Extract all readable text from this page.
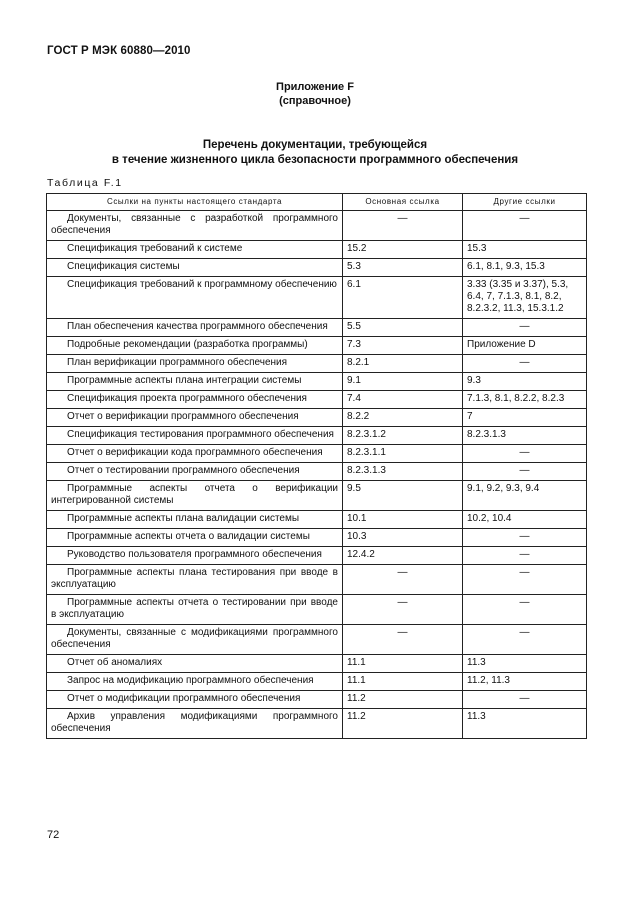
ГОСТ Р МЭК 60880—2010
Приложение F
(справочное)
Перечень документации, требующейся
в течение жизненного цикла безопасности программного обеспечения
Таблица F.1
Ссылки на пункты настоящего стандарта	Основная ссылка	Другие ссылки
Документы, связанные с разработкой программного обеспечения	—	—
Спецификация требований к системе	15.2	15.3
Спецификация системы	5.3	6.1, 8.1, 9.3, 15.3
Спецификация требований к программному обеспечению	6.1	3.33 (3.35 и 3.37), 5.3, 6.4, 7, 7.1.3, 8.1, 8.2, 8.2.3.2, 11.3, 15.3.1.2
План обеспечения качества программного обеспечения	5.5	—
Подробные рекомендации (разработка программы)	7.3	Приложение D
План верификации программного обеспечения	8.2.1	—
Программные аспекты плана интеграции системы	9.1	9.3
Спецификация проекта программного обеспечения	7.4	7.1.3, 8.1, 8.2.2, 8.2.3
Отчет о верификации программного обеспечения	8.2.2	7
Спецификация тестирования программного обеспечения	8.2.3.1.2	8.2.3.1.3
Отчет о верификации кода программного обеспечения	8.2.3.1.1	—
Отчет о тестировании программного обеспечения	8.2.3.1.3	—
Программные аспекты отчета о верификации интегрированной системы	9.5	9.1, 9.2, 9.3, 9.4
Программные аспекты плана валидации системы	10.1	10.2, 10.4
Программные аспекты отчета о валидации системы	10.3	—
Руководство пользователя программного обеспечения	12.4.2	—
Программные аспекты плана тестирования при вводе в эксплуатацию	—	—
Программные аспекты отчета о тестировании при вводе в эксплуатацию	—	—
Документы, связанные с модификациями программного обеспечения	—	—
Отчет об аномалиях	11.1	11.3
Запрос на модификацию программного обеспечения	11.1	11.2, 11.3
Отчет о модификации программного обеспечения	11.2	—
Архив управления модификациями программного обеспечения	11.2	11.3
72
